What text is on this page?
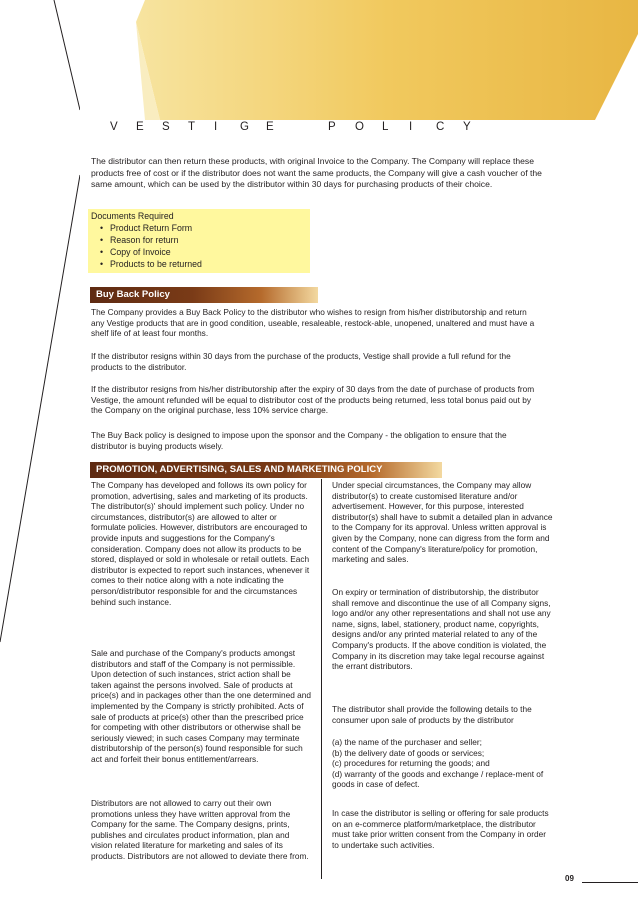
V E S T I G E	P O L I C Y

The distributor can then return these products, with original Invoice to the Company. The Company will replace these products free of cost or if the distributor does not want the same products, the Company will give a cash voucher of the same amount, which can be used by the distributor within 30 days for purchasing products of their choice.

Documents Required

• Product Return Form
• Reason for return
• Copy of Invoice
• Products to be returned
Buy Back Policy

The Company provides a Buy Back Policy to the distributor who wishes to resign from his/her distributorship and return any Vestige products that are in good condition, useable, resaleable, restock-able, unopened, unaltered and must have a shelf life of at least four months.

If the distributor resigns within 30 days from the purchase of the products, Vestige shall provide a full refund for the products to the distributor.

If the distributor resigns from his/her distributorship after the expiry of 30 days from the date of purchase of products from Vestige, the amount refunded will be equal to distributor cost of the products being returned, less total bonus paid out by the Company on the original purchase, less 10% service charge.

The Buy Back policy is designed to impose upon the sponsor and the Company - the obligation to ensure that the distributor is buying products wisely.

PROMOTION, ADVERTISING, SALES AND MARKETING POLICY

The Company has developed and follows its own policy for promotion, advertising, sales and marketing of its products. The distributor(s)' should implement such policy. Under no circumstances, distributor(s) are allowed to alter or formulate policies. However, distributors are encouraged to provide inputs and suggestions for the Company's consideration. Company does not allow its products to be stored, displayed or sold in wholesale or retail outlets. Each distributor is expected to report such instances, whenever it comes to their notice along with a note indicating the person/distributor responsible for and the circumstances behind such instance.

Sale and purchase of the Company's products amongst distributors and staff of the Company is not permissible. Upon detection of such instances, strict action shall be taken against the persons involved. Sale of products at price(s) and in packages other than the one determined and implemented by the Company is strictly prohibited. Acts of sale of products at price(s) other than the prescribed price for competing with other distributors or otherwise shall be seriously viewed; in such cases Company may terminate distributorship of the person(s) found responsible for such act and forfeit their bonus entitlement/arrears.

Distributors are not allowed to carry out their own promotions unless they have written approval from the Company for the same. The Company designs, prints, publishes and circulates product information, plan and vision related literature for marketing and sales of its products. Distributors are not allowed to deviate there from.

Under special circumstances, the Company may allow distributor(s) to create customised literature and/or advertisement. However, for this purpose, interested distributor(s) shall have to submit a detailed plan in advance to the Company for its approval. Unless written approval is given by the Company, none can digress from the form and content of the Company's literature/policy for promotion, marketing and sales.

On expiry or termination of distributorship, the distributor shall remove and discontinue the use of all Company signs, logo and/or any other representations and shall not use any name, signs, label, stationery, product name, copyrights, designs and/or any printed material related to any of the Company's products. If the above condition is violated, the Company in its discretion may take legal recourse against the errant distributors.

The distributor shall provide the following details to the consumer upon sale of products by the distributor

(a) the name of the purchaser and seller;
(b) the delivery date of goods or services;
(c) procedures for returning the goods; and
(d) warranty of the goods and exchange / replace-ment of goods in case of defect.

In case the distributor is selling or offering for sale products on an e-commerce platform/marketplace, the distributor must take prior written consent from the Company in order to undertake such activities.

09
